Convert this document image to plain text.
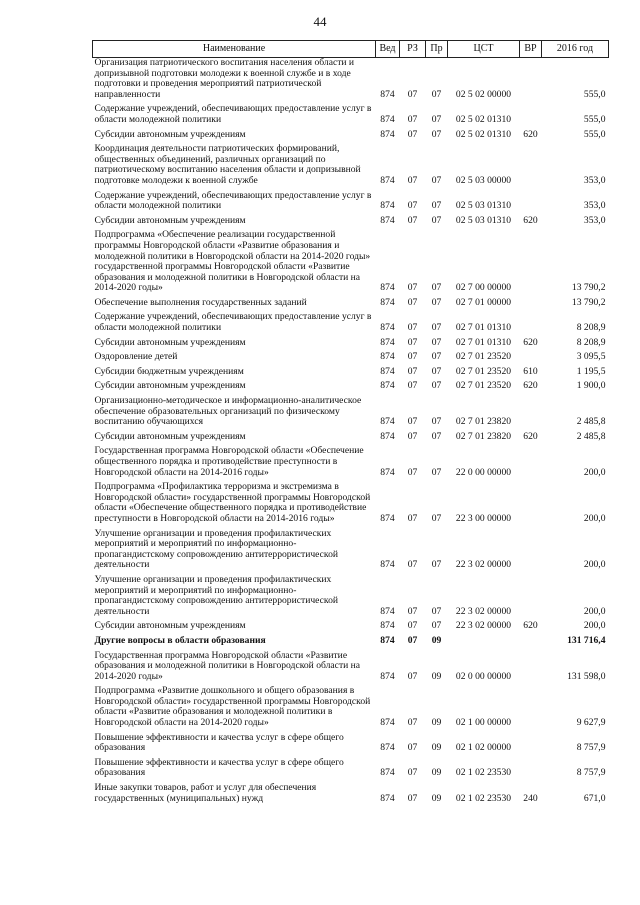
44
Наименование	Вед	РЗ	Пр	ЦСТ	ВР	2016 год
Организация патриотического воспитания населения области и допризывной подготовки молодежи к военной службе и в ходе подготовки и проведения мероприятий патриотической направленности	874	07	07	02 5 02 00000		555,0
Содержание учреждений, обеспечивающих предоставление услуг в области молодежной политики	874	07	07	02 5 02 01310		555,0
Субсидии автономным учреждениям	874	07	07	02 5 02 01310	620	555,0
Координация деятельности патриотических формирований, общественных объединений, различных организаций по патриотическому воспитанию населения области и допризывной подготовке молодежи к военной службе	874	07	07	02 5 03 00000		353,0
Содержание учреждений, обеспечивающих предоставление услуг в области молодежной политики	874	07	07	02 5 03 01310		353,0
Субсидии автономным учреждениям	874	07	07	02 5 03 01310	620	353,0
Подпрограмма «Обеспечение реализации государственной программы Новгородской области «Развитие образования и молодежной политики в Новгородской области на 2014-2020 годы» государственной программы Новгородской области «Развитие образования и молодежной политики в Новгородской области на 2014-2020 годы»	874	07	07	02 7 00 00000		13 790,2
Обеспечение выполнения государственных заданий	874	07	07	02 7 01 00000		13 790,2
Содержание учреждений, обеспечивающих предоставление услуг в области молодежной политики	874	07	07	02 7 01 01310		8 208,9
Субсидии автономным учреждениям	874	07	07	02 7 01 01310	620	8 208,9
Оздоровление детей	874	07	07	02 7 01 23520		3 095,5
Субсидии бюджетным учреждениям	874	07	07	02 7 01 23520	610	1 195,5
Субсидии автономным учреждениям	874	07	07	02 7 01 23520	620	1 900,0
Организационно-методическое и информационно-аналитическое обеспечение образовательных организаций по физическому воспитанию обучающихся	874	07	07	02 7 01 23820		2 485,8
Субсидии автономным учреждениям	874	07	07	02 7 01 23820	620	2 485,8
Государственная программа Новгородской области «Обеспечение общественного порядка и противодействие преступности в Новгородской области на 2014-2016 годы»	874	07	07	22 0 00 00000		200,0
Подпрограмма «Профилактика терроризма и экстремизма в Новгородской области» государственной программы Новгородской области «Обеспечение общественного порядка и противодействие преступности в Новгородской области на 2014-2016 годы»	874	07	07	22 3 00 00000		200,0
Улучшение организации и проведения профилактических мероприятий и мероприятий по информационно-пропагандистскому сопровождению антитеррористической деятельности	874	07	07	22 3 02 00000		200,0
Улучшение организации и проведения профилактических мероприятий и мероприятий по информационно-пропагандистскому сопровождению антитеррористической деятельности	874	07	07	22 3 02 00000		200,0
Субсидии автономным учреждениям	874	07	07	22 3 02 00000	620	200,0
Другие вопросы в области образования	874	07	09			131 716,4
Государственная программа Новгородской области «Развитие образования и молодежной политики в Новгородской области на 2014-2020 годы»	874	07	09	02 0 00 00000		131 598,0
Подпрограмма «Развитие дошкольного и общего образования в Новгородской области» государственной программы Новгородской области «Развитие образования и молодежной политики в Новгородской области на 2014-2020 годы»	874	07	09	02 1 00 00000		9 627,9
Повышение эффективности и качества услуг в сфере общего образования	874	07	09	02 1 02 00000		8 757,9
Повышение эффективности и качества услуг в сфере общего образования	874	07	09	02 1 02 23530		8 757,9
Иные закупки товаров, работ и услуг для обеспечения государственных (муниципальных) нужд	874	07	09	02 1 02 23530	240	671,0
